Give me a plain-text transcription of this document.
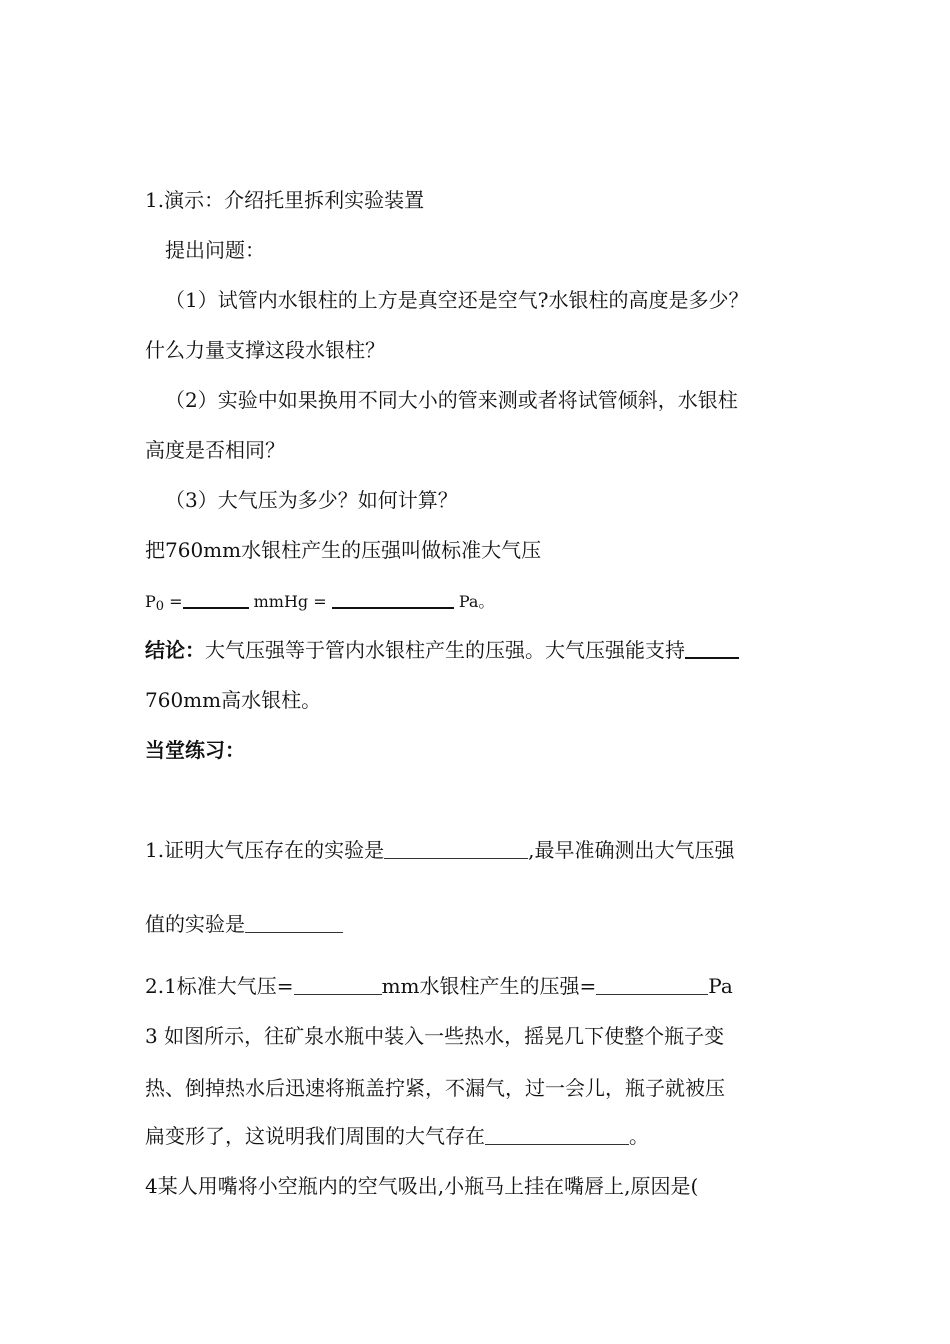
1.演示：介绍托里拆利实验装置
提出问题：
（1）试管内水银柱的上方是真空还是空气?水银柱的高度是多少？
什么力量支撑这段水银柱？
（2）实验中如果换用不同大小的管来测或者将试管倾斜，水银柱
高度是否相同？
（3）大气压为多少？如何计算？
把760mm水银柱产生的压强叫做标准大气压
$P_0$ =	mmHg =	Pa。
结论：大气压强等于管内水银柱产生的压强。大气压强能支持
760mm高水银柱。
当堂练习：
1.证明大气压存在的实验是	,最早准确测出大气压强
值的实验是
2.1标准大气压=	mm水银柱产生的压强=	Pa
3 如图所示，往矿泉水瓶中装入一些热水，摇晃几下使整个瓶子变
热、倒掉热水后迅速将瓶盖拧紧，不漏气，过一会儿，瓶子就被压
扁变形了，这说明我们周围的大气存在	。
4某人用嘴将小空瓶内的空气吸出,小瓶马上挂在嘴唇上,原因是(
